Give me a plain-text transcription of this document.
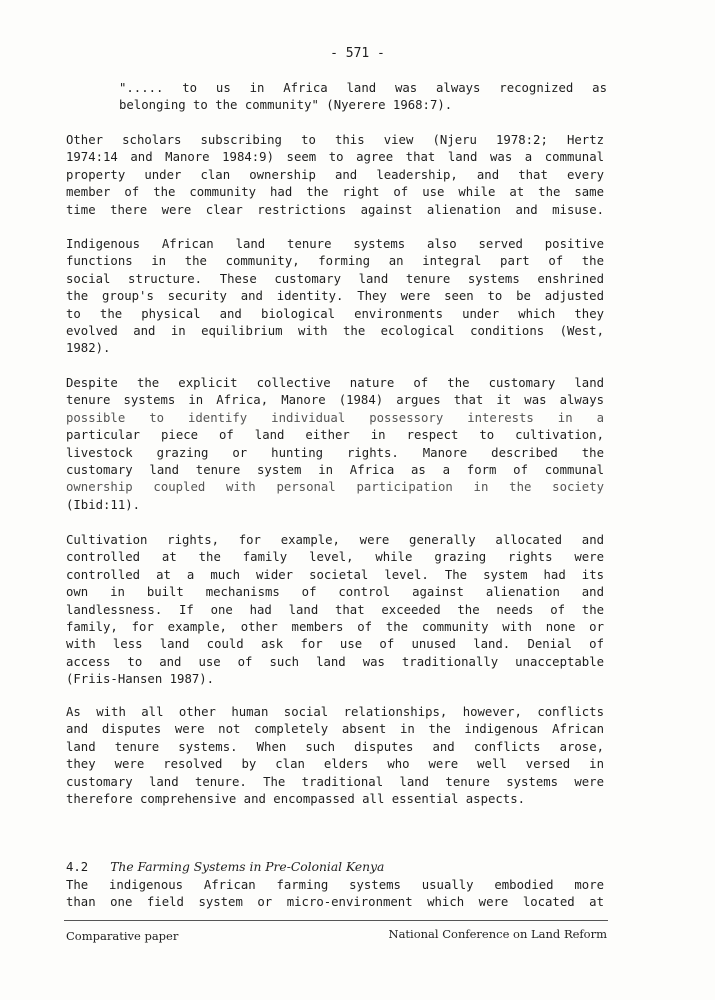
- 571 -
"..... to us in Africa land was always recognized as
belonging to the community" (Nyerere 1968:7).
Other scholars subscribing to this view (Njeru 1978:2; Hertz
1974:14 and Manore 1984:9) seem to agree that land was a communal
property under clan ownership and leadership, and that every
member of the community had the right of use while at the same
time there were clear restrictions against alienation and misuse.
Indigenous African land tenure systems also served positive
functions in the community, forming an integral part of the
social structure. These customary land tenure systems enshrined
the group's security and identity. They were seen to be adjusted
to the physical and biological environments under which they
evolved and in equilibrium with the ecological conditions (West,
1982).
Despite the explicit collective nature of the customary land
tenure systems in Africa, Manore (1984) argues that it was always
possible to identify individual possessory interests in a
particular piece of land either in respect to cultivation,
livestock grazing or hunting rights. Manore described the
customary land tenure system in Africa as a form of communal
ownership coupled with personal participation in the society
(Ibid:11).
Cultivation rights, for example, were generally allocated and
controlled at the family level, while grazing rights were
controlled at a much wider societal level. The system had its
own in built mechanisms of control against alienation and
landlessness. If one had land that exceeded the needs of the
family, for example, other members of the community with none or
with less land could ask for use of unused land. Denial of
access to and use of such land was traditionally unacceptable
(Friis-Hansen 1987).
As with all other human social relationships, however, conflicts
and disputes were not completely absent in the indigenous African
land tenure systems. When such disputes and conflicts arose,
they were resolved by clan elders who were well versed in
customary land tenure. The traditional land tenure systems were
therefore comprehensive and encompassed all essential aspects.
4.2 The Farming Systems in Pre-Colonial Kenya
The indigenous African farming systems usually embodied more
than one field system or micro-environment which were located at
Comparative paper	National Conference on Land Reform
